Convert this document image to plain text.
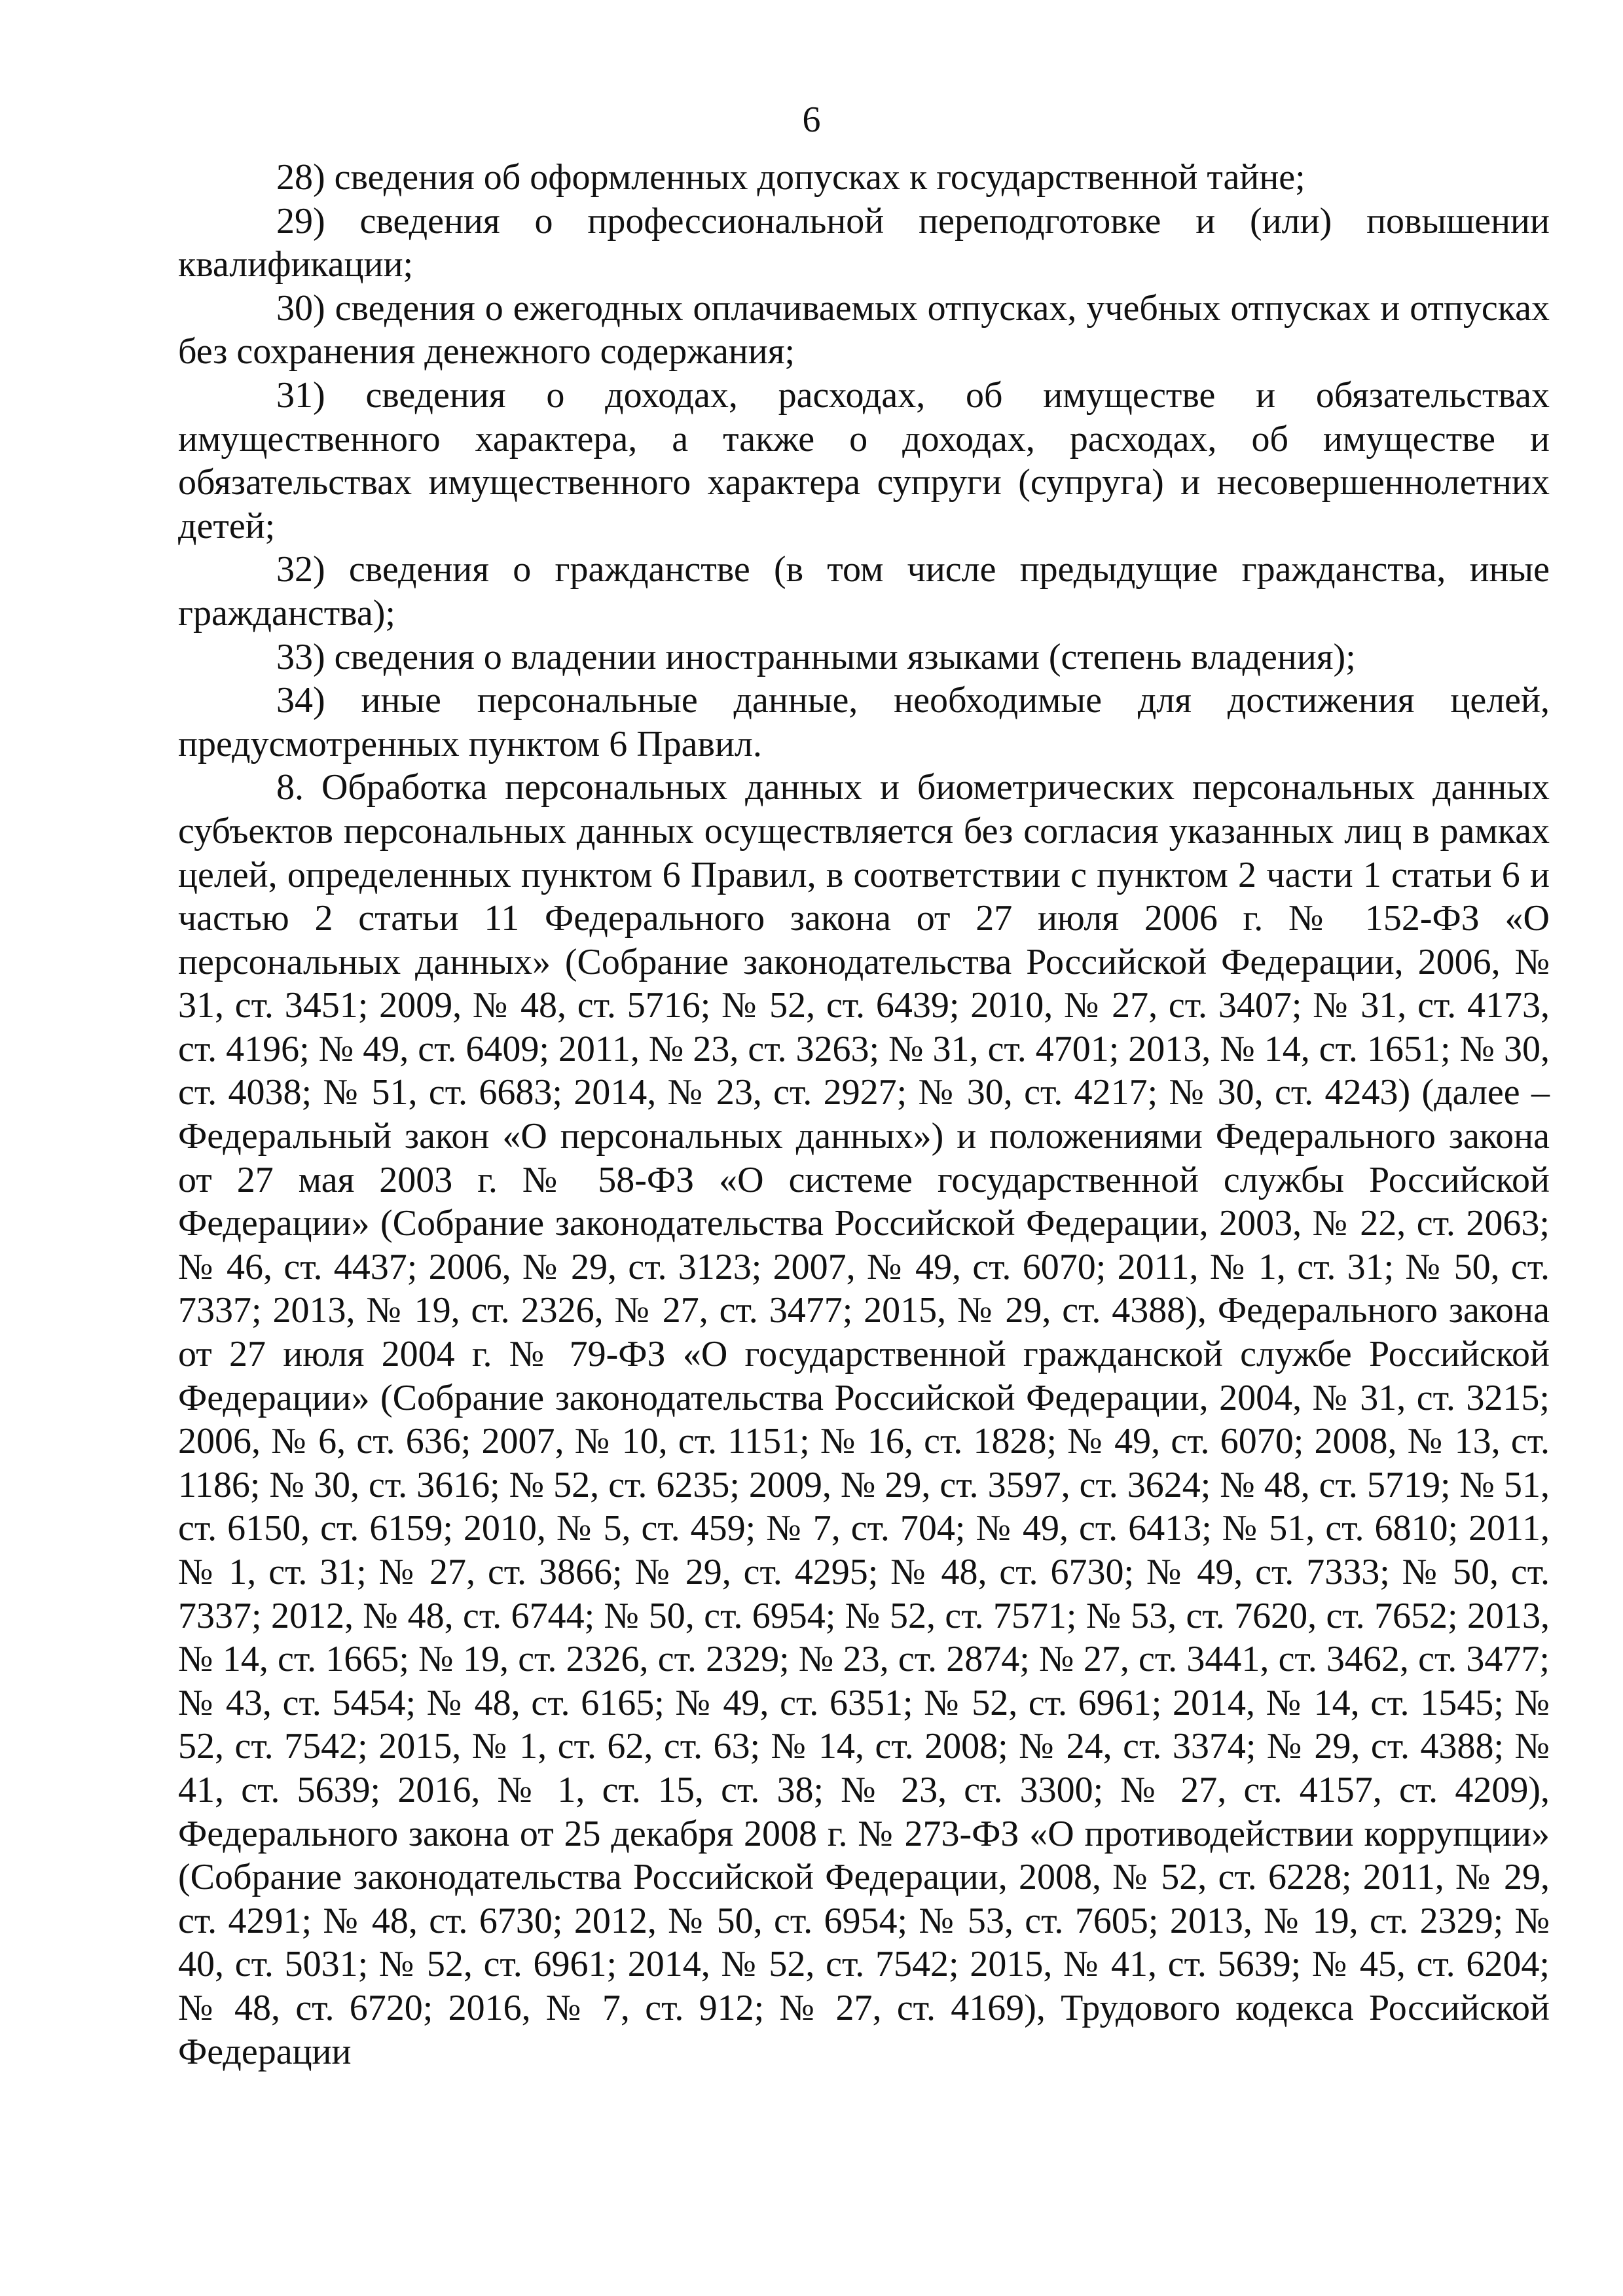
6

28) сведения об оформленных допусках к государственной тайне;

29) сведения о профессиональной переподготовке и (или) повышении квалификации;

30) сведения о ежегодных оплачиваемых отпусках, учебных отпусках и отпусках без сохранения денежного содержания;

31) сведения о доходах, расходах, об имуществе и обязательствах имущественного характера, а также о доходах, расходах, об имуществе и обязательствах имущественного характера супруги (супруга) и несовершеннолетних детей;

32) сведения о гражданстве (в том числе предыдущие гражданства, иные гражданства);

33) сведения о владении иностранными языками (степень владения);

34) иные персональные данные, необходимые для достижения целей, предусмотренных пунктом 6 Правил.

8. Обработка персональных данных и биометрических персональных данных субъектов персональных данных осуществляется без согласия указанных лиц в рамках целей, определенных пунктом 6 Правил, в соответствии с пунктом 2 части 1 статьи 6 и частью 2 статьи 11 Федерального закона от 27 июля 2006 г. № 152-ФЗ «О персональных данных» (Собрание законодательства Российской Федерации, 2006, № 31, ст. 3451; 2009, № 48, ст. 5716; № 52, ст. 6439; 2010, № 27, ст. 3407; № 31, ст. 4173, ст. 4196; № 49, ст. 6409; 2011, № 23, ст. 3263; № 31, ст. 4701; 2013, № 14, ст. 1651; № 30, ст. 4038; № 51, ст. 6683; 2014, № 23, ст. 2927; № 30, ст. 4217; № 30, ст. 4243) (далее – Федеральный закон «О персональных данных») и положениями Федерального закона от 27 мая 2003 г. № 58-ФЗ «О системе государственной службы Российской Федерации» (Собрание законодательства Российской Федерации, 2003, № 22, ст. 2063; № 46, ст. 4437; 2006, № 29, ст. 3123; 2007, № 49, ст. 6070; 2011, № 1, ст. 31; № 50, ст. 7337; 2013, № 19, ст. 2326, № 27, ст. 3477; 2015, № 29, ст. 4388), Федерального закона от 27 июля 2004 г. № 79-ФЗ «О государственной гражданской службе Российской Федерации» (Собрание законодательства Российской Федерации, 2004, № 31, ст. 3215; 2006, № 6, ст. 636; 2007, № 10, ст. 1151; № 16, ст. 1828; № 49, ст. 6070; 2008, № 13, ст. 1186; № 30, ст. 3616; № 52, ст. 6235; 2009, № 29, ст. 3597, ст. 3624; № 48, ст. 5719; № 51, ст. 6150, ст. 6159; 2010, № 5, ст. 459; № 7, ст. 704; № 49, ст. 6413; № 51, ст. 6810; 2011, № 1, ст. 31; № 27, ст. 3866; № 29, ст. 4295; № 48, ст. 6730; № 49, ст. 7333; № 50, ст. 7337; 2012, № 48, ст. 6744; № 50, ст. 6954; № 52, ст. 7571; № 53, ст. 7620, ст. 7652; 2013, № 14, ст. 1665; № 19, ст. 2326, ст. 2329; № 23, ст. 2874; № 27, ст. 3441, ст. 3462, ст. 3477; № 43, ст. 5454; № 48, ст. 6165; № 49, ст. 6351; № 52, ст. 6961; 2014, № 14, ст. 1545; № 52, ст. 7542; 2015, № 1, ст. 62, ст. 63; № 14, ст. 2008; № 24, ст. 3374; № 29, ст. 4388; № 41, ст. 5639; 2016, № 1, ст. 15, ст. 38; № 23, ст. 3300; № 27, ст. 4157, ст. 4209), Федерального закона от 25 декабря 2008 г. № 273-ФЗ «О противодействии коррупции» (Собрание законодательства Российской Федерации, 2008, № 52, ст. 6228; 2011, № 29, ст. 4291; № 48, ст. 6730; 2012, № 50, ст. 6954; № 53, ст. 7605; 2013, № 19, ст. 2329; № 40, ст. 5031; № 52, ст. 6961; 2014, № 52, ст. 7542; 2015, № 41, ст. 5639; № 45, ст. 6204; № 48, ст. 6720; 2016, № 7, ст. 912; № 27, ст. 4169), Трудового кодекса Российской Федерации
